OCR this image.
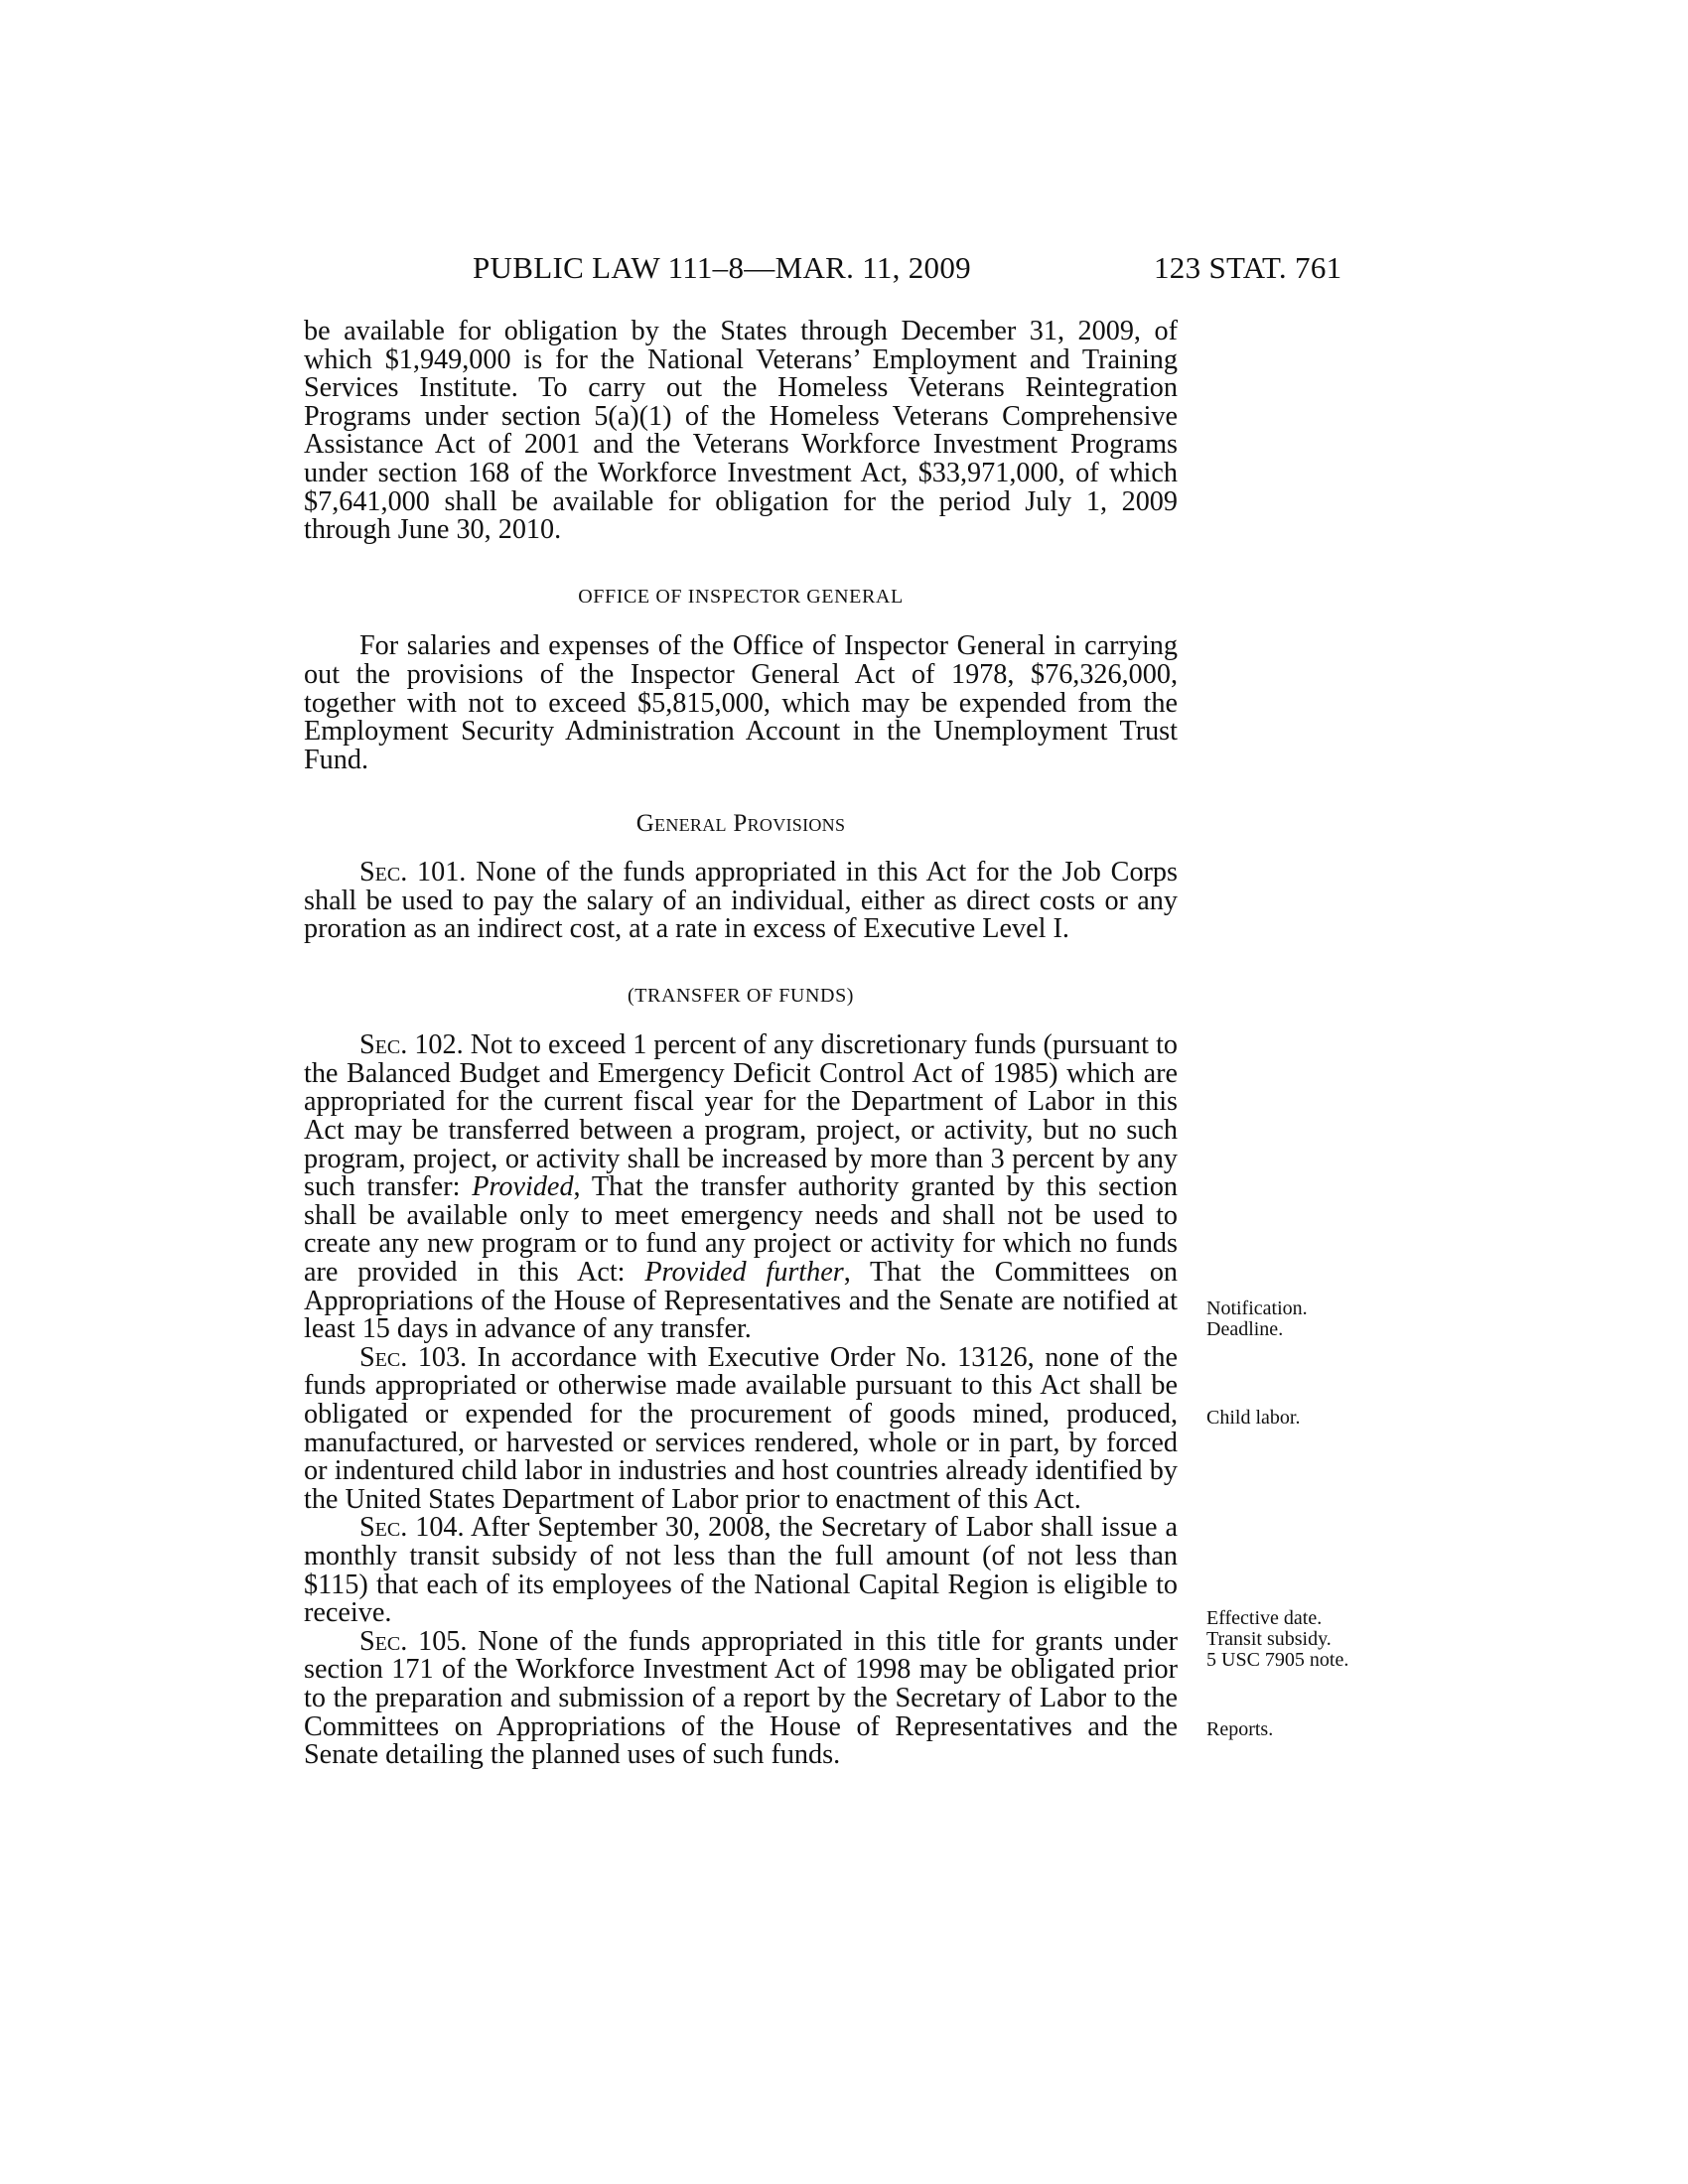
PUBLIC LAW 111–8—MAR. 11, 2009	123 STAT. 761

be available for obligation by the States through December 31, 2009, of which $1,949,000 is for the National Veterans’ Employment and Training Services Institute. To carry out the Homeless Veterans Reintegration Programs under section 5(a)(1) of the Homeless Veterans Comprehensive Assistance Act of 2001 and the Veterans Workforce Investment Programs under section 168 of the Workforce Investment Act, $33,971,000, of which $7,641,000 shall be available for obligation for the period July 1, 2009 through June 30, 2010.

OFFICE OF INSPECTOR GENERAL

For salaries and expenses of the Office of Inspector General in carrying out the provisions of the Inspector General Act of 1978, $76,326,000, together with not to exceed $5,815,000, which may be expended from the Employment Security Administration Account in the Unemployment Trust Fund.

General Provisions

Sec. 101. None of the funds appropriated in this Act for the Job Corps shall be used to pay the salary of an individual, either as direct costs or any proration as an indirect cost, at a rate in excess of Executive Level I.

(TRANSFER OF FUNDS)

Sec. 102. Not to exceed 1 percent of any discretionary funds (pursuant to the Balanced Budget and Emergency Deficit Control Act of 1985) which are appropriated for the current fiscal year for the Department of Labor in this Act may be transferred between a program, project, or activity, but no such program, project, or activity shall be increased by more than 3 percent by any such transfer: Provided, That the transfer authority granted by this section shall be available only to meet emergency needs and shall not be used to create any new program or to fund any project or activity for which no funds are provided in this Act: Provided further, That the Committees on Appropriations of the House of Representatives and the Senate are notified at least 15 days in advance of any transfer.

Sec. 103. In accordance with Executive Order No. 13126, none of the funds appropriated or otherwise made available pursuant to this Act shall be obligated or expended for the procurement of goods mined, produced, manufactured, or harvested or services rendered, whole or in part, by forced or indentured child labor in industries and host countries already identified by the United States Department of Labor prior to enactment of this Act.

Sec. 104. After September 30, 2008, the Secretary of Labor shall issue a monthly transit subsidy of not less than the full amount (of not less than $115) that each of its employees of the National Capital Region is eligible to receive.

Sec. 105. None of the funds appropriated in this title for grants under section 171 of the Workforce Investment Act of 1998 may be obligated prior to the preparation and submission of a report by the Secretary of Labor to the Committees on Appropriations of the House of Representatives and the Senate detailing the planned uses of such funds.

Notification.
Deadline.
Child labor.
Effective date.
Transit subsidy.
5 USC 7905 note.
Reports.
